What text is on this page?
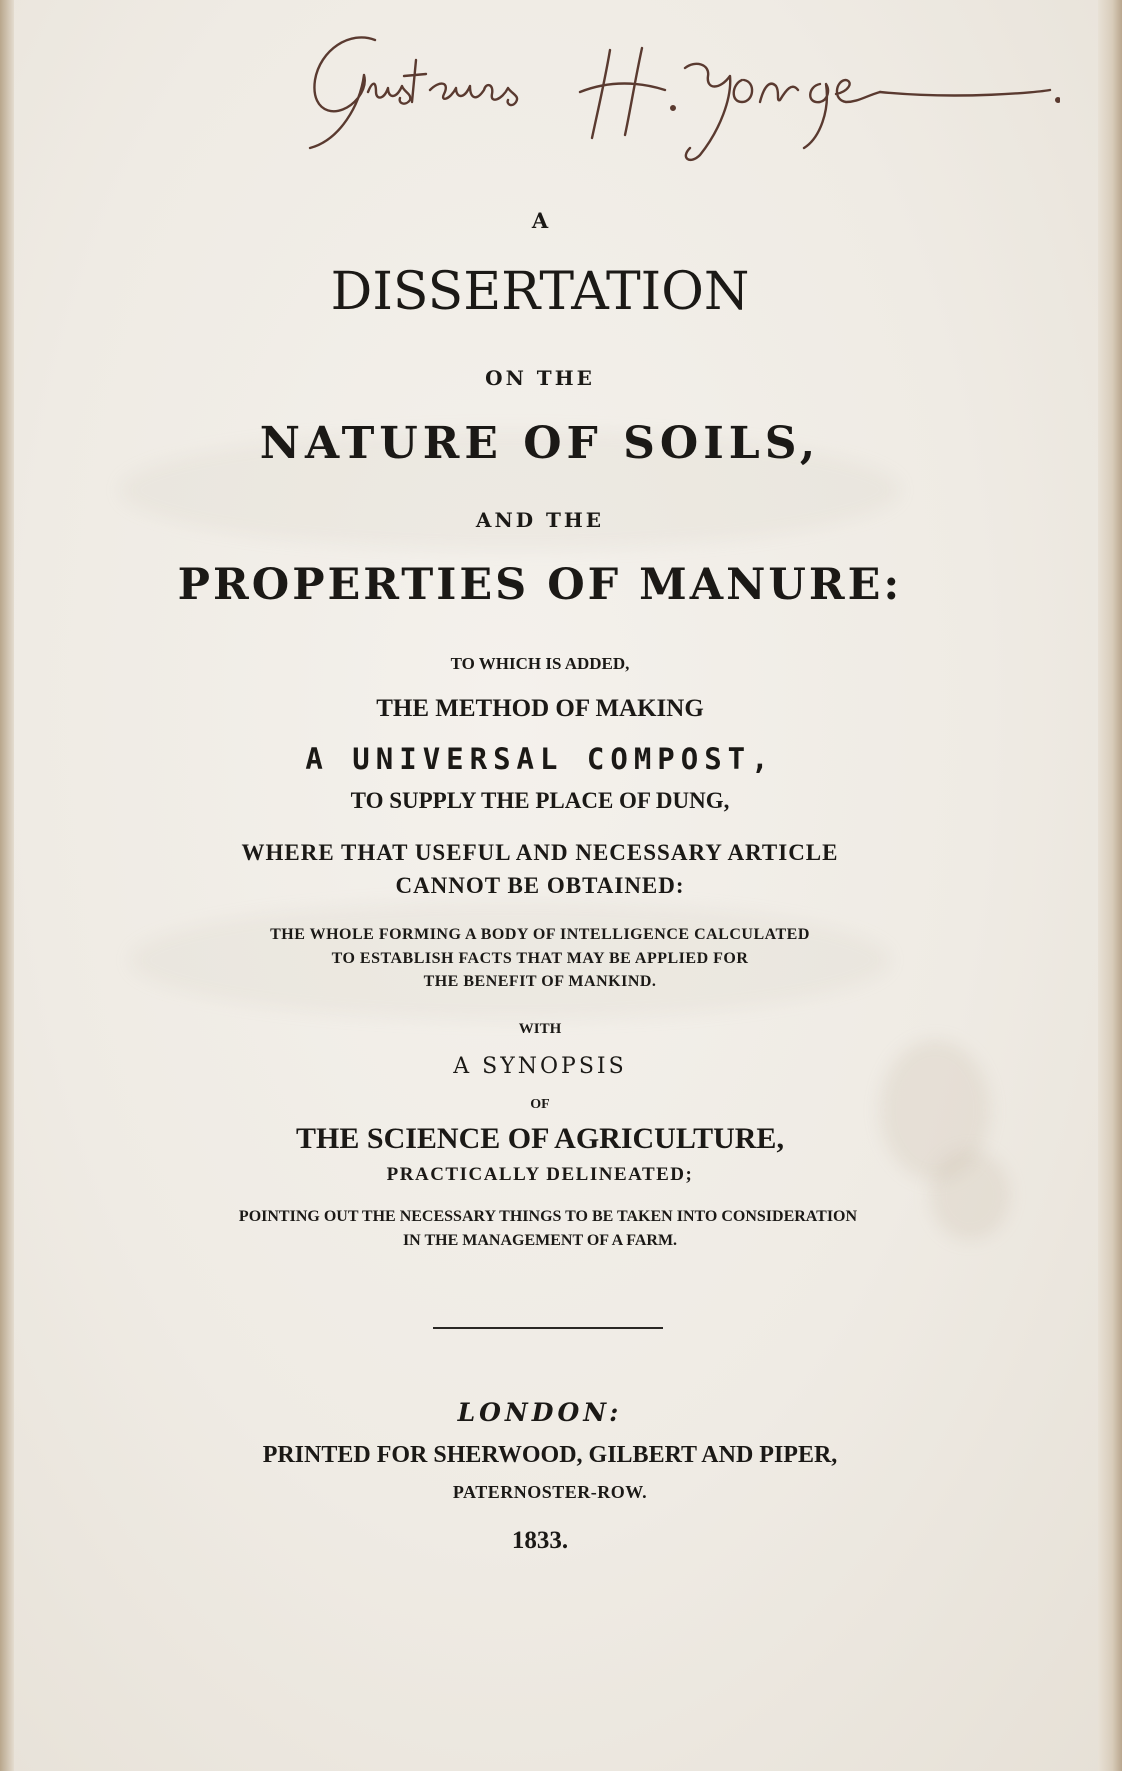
A
DISSERTATION
ON THE
NATURE OF SOILS,
AND THE
PROPERTIES OF MANURE:
TO WHICH IS ADDED,
THE METHOD OF MAKING
A UNIVERSAL COMPOST,
TO SUPPLY THE PLACE OF DUNG,
WHERE THAT USEFUL AND NECESSARY ARTICLE
CANNOT BE OBTAINED:
THE WHOLE FORMING A BODY OF INTELLIGENCE CALCULATED
TO ESTABLISH FACTS THAT MAY BE APPLIED FOR
THE BENEFIT OF MANKIND.
WITH
A SYNOPSIS
OF
THE SCIENCE OF AGRICULTURE,
PRACTICALLY DELINEATED;
POINTING OUT THE NECESSARY THINGS TO BE TAKEN INTO CONSIDERATION
IN THE MANAGEMENT OF A FARM.
LONDON:
PRINTED FOR SHERWOOD, GILBERT AND PIPER,
PATERNOSTER-ROW.
1833.
